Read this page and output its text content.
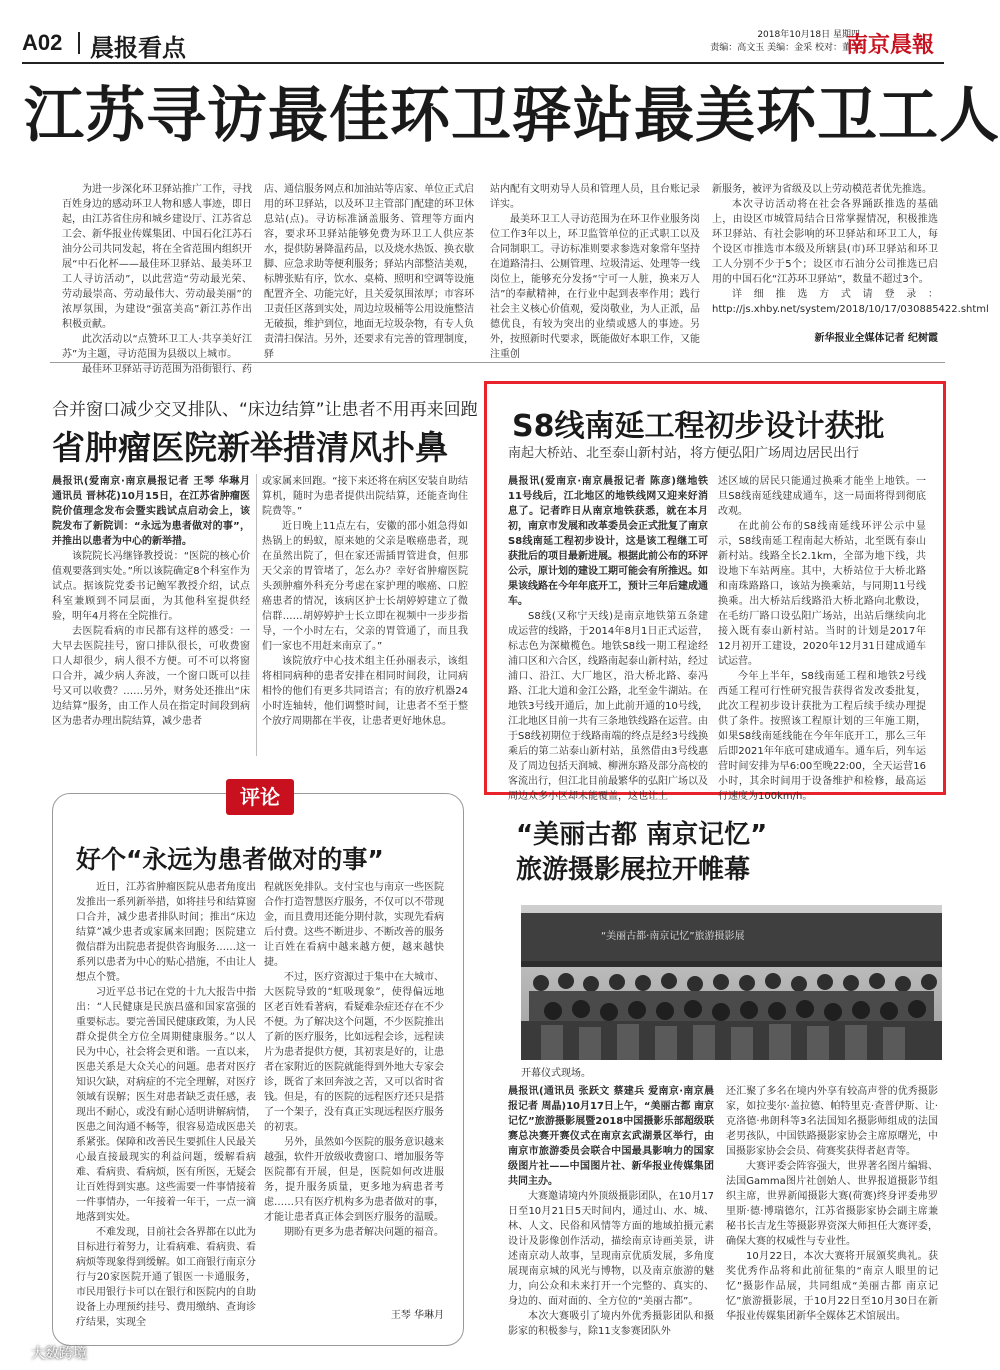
A02 晨报看点	2018年10月18日 星期四
责编：高文玉 美编：金采 校对：董宁
南京晨報
江苏寻访最佳环卫驿站最美环卫工人

为进一步深化环卫驿站推广工作，寻找百姓身边的感动环卫人物和感人事迹，即日起，由江苏省住房和城乡建设厅、江苏省总工会、新华报业传媒集团、中国石化江苏石油分公司共同发起，将在全省范围内组织开展“中石化杯——最佳环卫驿站、最美环卫工人寻访活动”，以此营造“劳动最光荣、劳动最崇高、劳动最伟大、劳动最美丽”的浓厚氛围，为建设“强富美高”新江苏作出积极贡献。

此次活动以“点赞环卫工人·共享美好江苏”为主题，寻访范围为县级以上城市。

最佳环卫驿站寻访范围为沿街银行、药

店、通信服务网点和加油站等店家、单位正式启用的环卫驿站，以及环卫主管部门配建的环卫休息站(点)。寻访标准涵盖服务、管理等方面内容，要求环卫驿站能够免费为环卫工人供应茶水，提供防暑降温药品，以及烧水热饭、换衣歇脚、应急求助等便利服务；驿站内部整洁美观，标牌张贴有序，饮水、桌椅、照明和空调等设施配置齐全、功能完好，且关爱氛围浓厚；市容环卫责任区落到实处，周边垃圾桶等公用设施整洁无破损，维护到位，地面无垃圾杂物，有专人负责清扫保洁。另外，还要求有完善的管理制度，驿

站内配有文明劝导人员和管理人员，且台账记录详实。

最美环卫工人寻访范围为在环卫作业服务岗位工作3年以上，环卫监管单位的正式职工以及合同制职工。寻访标准则要求参选对象常年坚持在道路清扫、公厕管理、垃圾清运、处理等一线岗位上，能够充分发扬“宁可一人脏，换来万人洁”的奉献精神，在行业中起到表率作用；践行社会主义核心价值观，爱岗敬业，为人正派，品德优良，有较为突出的业绩或感人的事迹。另外，按照新时代要求，既能做好本职工作，又能注重创

新服务，被评为省级及以上劳动模范者优先推选。

本次寻访活动将在社会各界踊跃推选的基础上，由设区市城管局结合日常掌握情况，积极推选环卫驿站、有社会影响的环卫驿站和环卫工人，每个设区市推选市本级及所辖县(市)环卫驿站和环卫工人分别不少于5个；设区市石油分公司推选已启用的中国石化“江苏环卫驿站”，数量不超过3个。

详细推选方式请登录：http://js.xhby.net/system/2018/10/17/030885422.shtml

新华报业全媒体记者 纪树霞
合并窗口减少交叉排队、“床边结算”让患者不用再来回跑
省肿瘤医院新举措清风扑鼻

晨报讯(爱南京·南京晨报记者 王琴 华琳月 通讯员 晋林花)10月15日，在江苏省肿瘤医院价值理念发布会暨实践试点启动会上，该院发布了新院训：“永远为患者做对的事”，并推出以患者为中心的新举措。

该院院长冯继锋教授说：“医院的核心价值观要落到实处。”所以该院确定8个科室作为试点。据该院党委书记鲍军教授介绍，试点科室兼顾到不同层面，为其他科室提供经验，明年4月将在全院推行。

去医院看病的市民都有这样的感受：一大早去医院挂号，窗口排队很长，可收费窗口人却很少，病人很不方便。可不可以将窗口合并，减少病人奔波，一个窗口既可以挂号又可以收费？……另外，财务处还推出“床边结算”服务，由工作人员在指定时间段到病区为患者办理出院结算，减少患者

或家属来回跑。“接下来还将在病区安装自助结算机，随时为患者提供出院结算，还能查询住院费等。”

近日晚上11点左右，安徽的邵小姐急得如热锅上的蚂蚁，原来她的父亲是喉癌患者，现在虽然出院了，但在家还需插胃管进食，但那天父亲的胃管堵了，怎么办？幸好省肿瘤医院头颈肿瘤外科充分考虑在家护理的喉癌、口腔癌患者的情况，该病区护士长胡婷婷建立了微信群……胡婷婷护士长立即在视频中一步步指导，一个小时左右，父亲的胃管通了，而且我们一家也不用赶来南京了。”

该院放疗中心技术组主任孙丽表示，该组将相同病种的患者安排在相同时间段，让同病相怜的他们有更多共同语言；有的放疗机器24小时连轴转，他们调整时间，让患者不至于整个放疗周期都在半夜，让患者更好地休息。

S8线南延工程初步设计获批
南起大桥站、北至泰山新村站，将方便弘阳广场周边居民出行

晨报讯(爱南京·南京晨报记者 陈彦)继地铁11号线后，江北地区的地铁线网又迎来好消息了。记者昨日从南京地铁获悉，就在本月初，南京市发展和改革委员会正式批复了南京S8线南延工程初步设计，这是该工程继工可获批后的项目最新进展。根据此前公布的环评公示，原计划的建设工期可能会有所推迟。如果该线路在今年年底开工，预计三年后建成通车。

S8线(又称宁天线)是南京地铁第五条建成运营的线路，于2014年8月1日正式运营，标志色为深橄榄色。地铁S8线一期工程途经浦口区和六合区，线路南起泰山新村站，经过浦口、沿江、大厂地区，沿大桥北路、泰冯路、江北大道和金江公路，北至金牛湖站。在地铁3号线开通后，加上此前开通的10号线，江北地区目前一共有三条地铁线路在运营。由于S8线初期位于线路南端的终点是经3号线换乘后的第二站泰山新村站，虽然借由3号线惠及了周边包括天润城、柳洲东路及部分高校的客流出行，但江北目前最繁华的弘阳广场以及周边众多小区却未能覆盖，这也让上

述区域的居民只能通过换乘才能坐上地铁。一旦S8线南延线建成通车，这一局面将得到彻底改观。

在此前公布的S8线南延线环评公示中显示，S8线南延工程南起大桥站，北至既有泰山新村站。线路全长2.1km，全部为地下线，共设地下车站两座。其中，大桥站位于大桥北路和南珠路路口，该站为换乘站，与同期11号线换乘。出大桥站后线路沿大桥北路向北敷设，在毛纺厂路口设弘阳广场站，出站后继续向北接入既有泰山新村站。当时的计划是2017年12月初开工建设，2020年12月31日建成通车试运营。

今年上半年，S8线南延工程和地铁2号线西延工程可行性研究报告获得省发改委批复，此次工程初步设计获批为工程后续手续办理提供了条件。按照该工程原计划的三年施工期，如果S8线南延线能在今年年底开工，那么三年后即2021年年底可建成通车。通车后，列车运营时间安排为早6:00至晚22:00，全天运营16小时，其余时间用于设备维护和检修，最高运行速度为100km/h。

评论
好个“永远为患者做对的事”

近日，江苏省肿瘤医院从患者角度出发推出一系列新举措，如将挂号和结算窗口合并，减少患者排队时间；推出“床边结算”减少患者或家属来回跑；医院建立微信群为出院患者提供咨询服务……这一系列以患者为中心的贴心措施，不由让人想点个赞。

习近平总书记在党的十九大报告中指出：“人民健康是民族昌盛和国家富强的重要标志。要完善国民健康政策，为人民群众提供全方位全周期健康服务。”以人民为中心，社会将会更和谐。一直以来，医患关系是大众关心的问题。患者对医疗知识欠缺，对病症的不完全理解，对医疗领域有误解；医生对患者缺乏责任感，表现出不耐心，或没有耐心适明讲解病情，医患之间沟通不畅等，很容易造成医患关系紧张。保障和改善民生要抓住人民最关心最直接最现实的利益问题，缓解看病难、看病贵、看病烦，医有所医，无疑会让百姓得到实惠。这些需要一件事情接着一件事情办，一年接着一年干，一点一滴地落到实处。

不难发现，目前社会各界都在以此为目标进行着努力，让看病难、看病贵、看病烦等现象得到缓解。如工商银行南京分行与20家医院开通了银医一卡通服务，市民用银行卡可以在银行和医院内的自助设备上办理预约挂号、费用缴纳、查询诊疗结果，实现全

程就医免排队。支付宝也与南京一些医院合作打造智慧医疗服务，不仅可以不带现金，而且费用还能分期付款，实现先看病后付费。这些不断进步、不断改善的服务让百姓在看病中越来越方便，越来越快捷。

不过，医疗资源过于集中在大城市、大医院导致的“虹吸现象”，使得偏远地区老百姓看著病，看疑难杂症还存在不少不便。为了解决这个问题，不少医院推出了新的医疗服务，比如远程会诊，远程读片为患者提供方便，其初衷是好的，让患者在家附近的医院就能得到外地大专家会诊，既省了来回奔波之苦，又可以省时省钱。但是，有的医院的远程医疗还只是搭了一个架子，没有真正实现远程医疗服务的初衷。

另外，虽然如今医院的服务意识越来越强，软件开放级收费窗口、增加服务等医院都有开展，但是，医院如何改进服务，提升服务质量，更多地为病患者考虑……只有医疗机构多为患者做对的事，才能让患者真正体会到医疗服务的温暖。

期盼有更多为患者解决问题的福音。

王琴 华琳月
“美丽古都 南京记忆”
旅游摄影展拉开帷幕
“美丽古都·南京记忆”旅游摄影展
开幕仪式现场。

晨报讯(通讯员 张跃文 蔡建兵 爱南京·南京晨报记者 周晶)10月17日上午，“美丽古都 南京记忆”旅游摄影展暨2018中国摄影乐部超级联赛总决赛开赛仪式在南京玄武湖景区举行，由南京市旅游委员会联合中国最具影响力的国家级图片社——中国图片社、新华报业传媒集团共同主办。

大赛邀请境内外顶级摄影团队，在10月17日至10月21日5天时间内，通过山、水、城、林、人文、民俗和风情等方面的地域拍摄元素设计及影像创作活动，描绘南京诗画美景，讲述南京动人故事，呈现南京优质发展，多角度展现南京城的风光与博物，以及南京旅游的魅力，向公众和未来打开一个完整的、真实的、身边的、面对面的、全方位的“美丽古都”。

本次大赛吸引了境内外优秀摄影团队和摄影家的积极参与，除11支参赛团队外

还汇聚了多名在境内外享有较高声誉的优秀摄影家，如拉斐尔·盖拉德、帕特里克·查普伊斯、让·克洛德·弗朗科等3名法国知名摄影师组成的法国老男孩队，中国铁路摄影家协会主席原曙光，中国摄影家协会会员、荷赛奖获得者赵青等。

大赛评委会阵容强大，世界著名图片编辑、法国Gamma图片社创始人、世界报道摄影节组织主席，世界新闻摄影大赛(荷赛)终身评委弗罗里斯·德·博瑞德尔，江苏省摄影家协会副主席兼秘书长吉龙生等摄影界资深大师担任大赛评委，确保大赛的权威性与专业性。

10月22日，本次大赛将开展颁奖典礼。获奖优秀作品将和此前征集的“南京人眼里的记忆”摄影作品展，共同组成“美丽古都 南京记忆”旅游摄影展，于10月22日至10月30日在新华报业传媒集团新华全媒体艺术馆展出。

大数跨境
